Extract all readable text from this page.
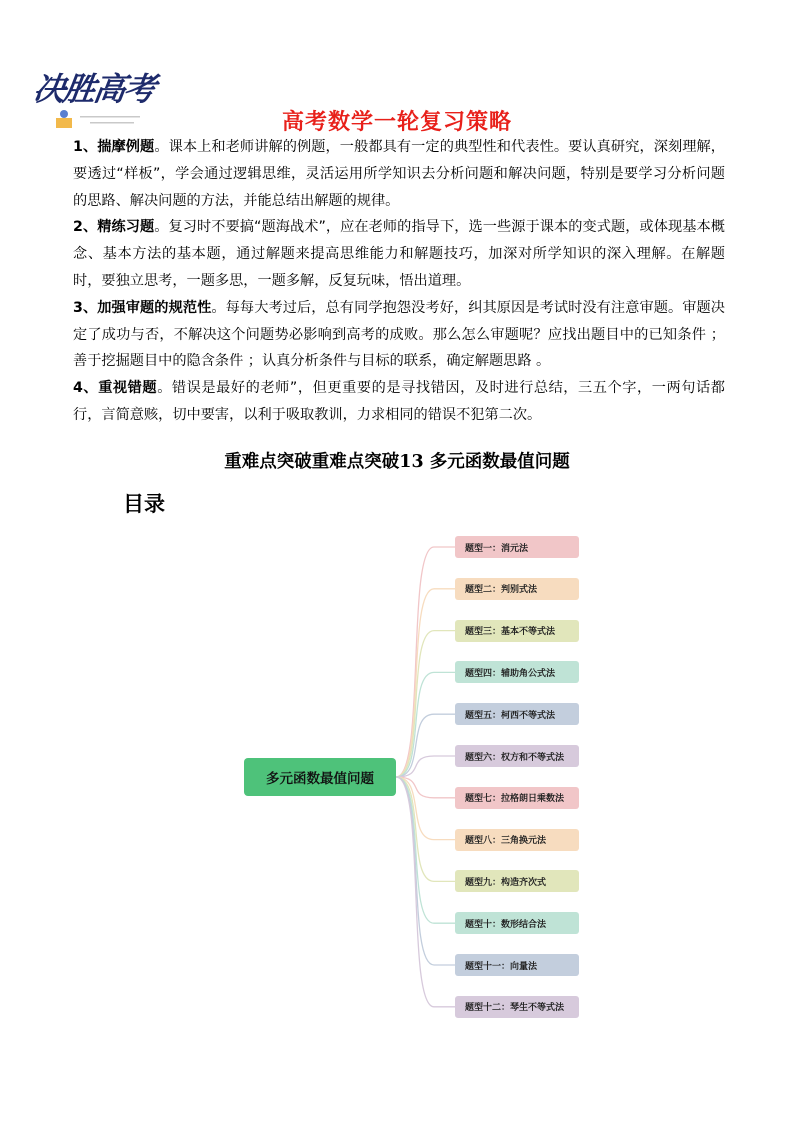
决胜高考
高考数学一轮复习策略

1、揣摩例题。课本上和老师讲解的例题，一般都具有一定的典型性和代表性。要认真研究，深刻理解，要透过“样板”，学会通过逻辑思维，灵活运用所学知识去分析问题和解决问题，特别是要学习分析问题的思路、解决问题的方法，并能总结出解题的规律。

2、精练习题。复习时不要搞“题海战术”，应在老师的指导下，选一些源于课本的变式题，或体现基本概念、基本方法的基本题，通过解题来提高思维能力和解题技巧，加深对所学知识的深入理解。在解题时，要独立思考，一题多思，一题多解，反复玩味，悟出道理。

3、加强审题的规范性。每每大考过后，总有同学抱怨没考好，纠其原因是考试时没有注意审题。审题决定了成功与否，不解决这个问题势必影响到高考的成败。那么怎么审题呢？应找出题目中的已知条件 ；善于挖掘题目中的隐含条件 ；认真分析条件与目标的联系，确定解题思路 。

4、重视错题。错误是最好的老师”，但更重要的是寻找错因，及时进行总结，三五个字，一两句话都行，言简意赅，切中要害，以利于吸取教训，力求相同的错误不犯第二次。

重难点突破重难点突破13 多元函数最值问题
目录
多元函数最值问题
题型一：消元法
题型二：判别式法
题型三：基本不等式法
题型四：辅助角公式法
题型五：柯西不等式法
题型六：权方和不等式法
题型七：拉格朗日乘数法
题型八：三角换元法
题型九：构造齐次式
题型十：数形结合法
题型十一：向量法
题型十二：琴生不等式法
